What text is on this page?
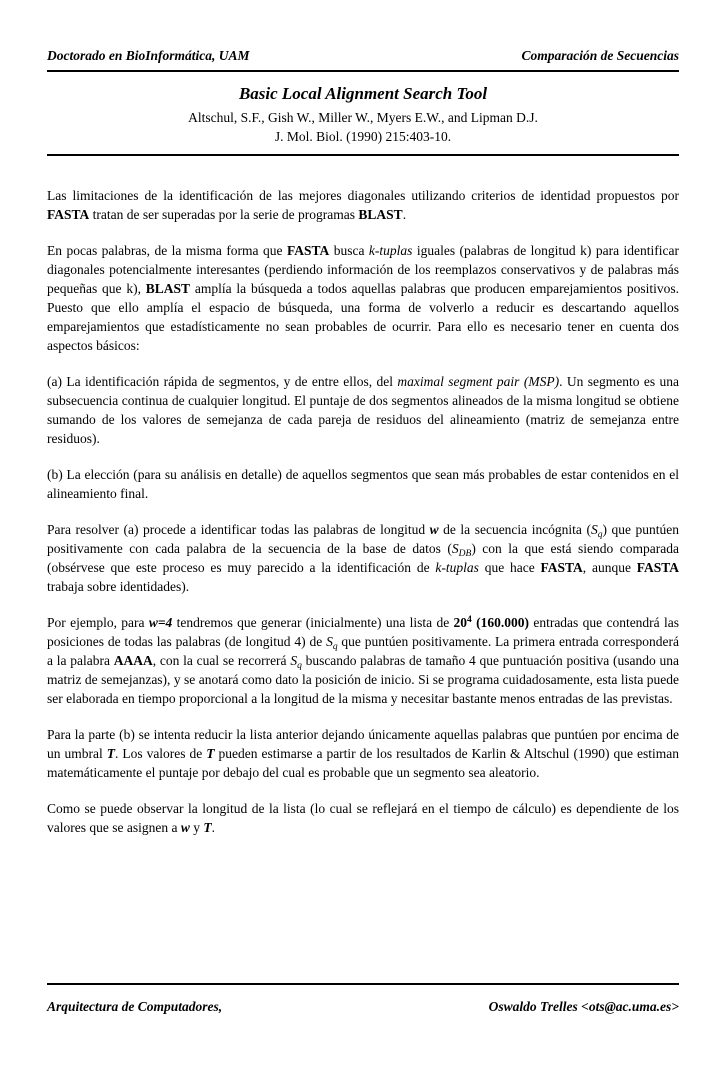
Doctorado en BioInformática, UAM	Comparación de Secuencias
Basic Local Alignment Search Tool
Altschul, S.F., Gish W., Miller W., Myers E.W., and Lipman D.J.
J. Mol. Biol. (1990) 215:403-10.

Las limitaciones de la identificación de las mejores diagonales utilizando criterios de identidad propuestos por FASTA tratan de ser superadas por la serie de programas BLAST.

En pocas palabras, de la misma forma que FASTA busca k-tuplas iguales (palabras de longitud k) para identificar diagonales potencialmente interesantes (perdiendo información de los reemplazos conservativos y de palabras más pequeñas que k), BLAST amplía la búsqueda a todos aquellas palabras que producen emparejamientos positivos. Puesto que ello amplía el espacio de búsqueda, una forma de volverlo a reducir es descartando aquellos emparejamientos que estadísticamente no sean probables de ocurrir. Para ello es necesario tener en cuenta dos aspectos básicos:

(a) La identificación rápida de segmentos, y de entre ellos, del maximal segment pair (MSP). Un segmento es una subsecuencia continua de cualquier longitud. El puntaje de dos segmentos alineados de la misma longitud se obtiene sumando de los valores de semejanza de cada pareja de residuos del alineamiento (matriz de semejanza entre residuos).

(b) La elección (para su análisis en detalle) de aquellos segmentos que sean más probables de estar contenidos en el alineamiento final.

Para resolver (a) procede a identificar todas las palabras de longitud w de la secuencia incógnita $(S_q)$ que puntúen positivamente con cada palabra de la secuencia de la base de datos $(S_{DB})$ con la que está siendo comparada (obsérvese que este proceso es muy parecido a la identificación de k-tuplas que hace FASTA, aunque FASTA trabaja sobre identidades).

Por ejemplo, para w=4 tendremos que generar (inicialmente) una lista de $20^4$ (160.000) entradas que contendrá las posiciones de todas las palabras (de longitud 4) de $S_q$ que puntúen positivamente. La primera entrada corresponderá a la palabra AAAA, con la cual se recorrerá $S_q$ buscando palabras de tamaño 4 que puntuación positiva (usando una matriz de semejanzas), y se anotará como dato la posición de inicio. Si se programa cuidadosamente, esta lista puede ser elaborada en tiempo proporcional a la longitud de la misma y necesitar bastante menos entradas de las previstas.

Para la parte (b) se intenta reducir la lista anterior dejando únicamente aquellas palabras que puntúen por encima de un umbral T. Los valores de T pueden estimarse a partir de los resultados de Karlin & Altschul (1990) que estiman matemáticamente el puntaje por debajo del cual es probable que un segmento sea aleatorio.

Como se puede observar la longitud de la lista (lo cual se reflejará en el tiempo de cálculo) es dependiente de los valores que se asignen a w y T.

Arquitectura de Computadores,	Oswaldo Trelles <ots@ac.uma.es>
